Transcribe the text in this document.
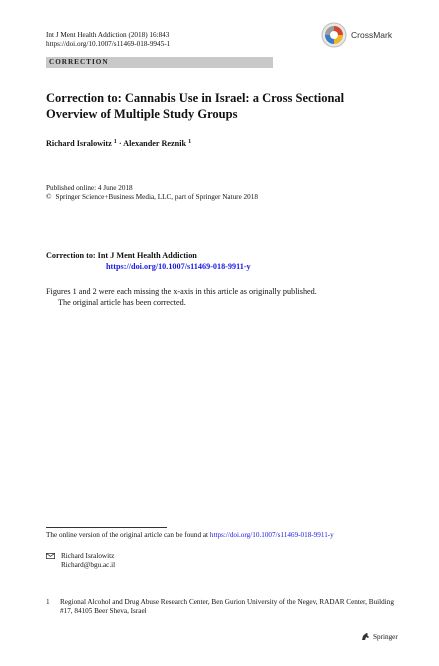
Int J Ment Health Addiction (2018) 16:843
https://doi.org/10.1007/s11469-018-9945-1
CrossMark
CORRECTION
Correction to: Cannabis Use in Israel: a Cross Sectional Overview of Multiple Study Groups
Richard Isralowitz $^1$ · Alexander Reznik $^1$
Published online: 4 June 2018
© Springer Science+Business Media, LLC, part of Springer Nature 2018
Correction to: Int J Ment Health Addiction
https://doi.org/10.1007/s11469-018-9911-y
Figures 1 and 2 were each missing the x-axis in this article as originally published.
The original article has been corrected.
The online version of the original article can be found at https://doi.org/10.1007/s11469-018-9911-y
Richard Isralowitz
Richard@bgu.ac.il
1	Regional Alcohol and Drug Abuse Research Center, Ben Gurion University of the Negev, RADAR Center, Building #17, 84105 Beer Sheva, Israel
Springer
